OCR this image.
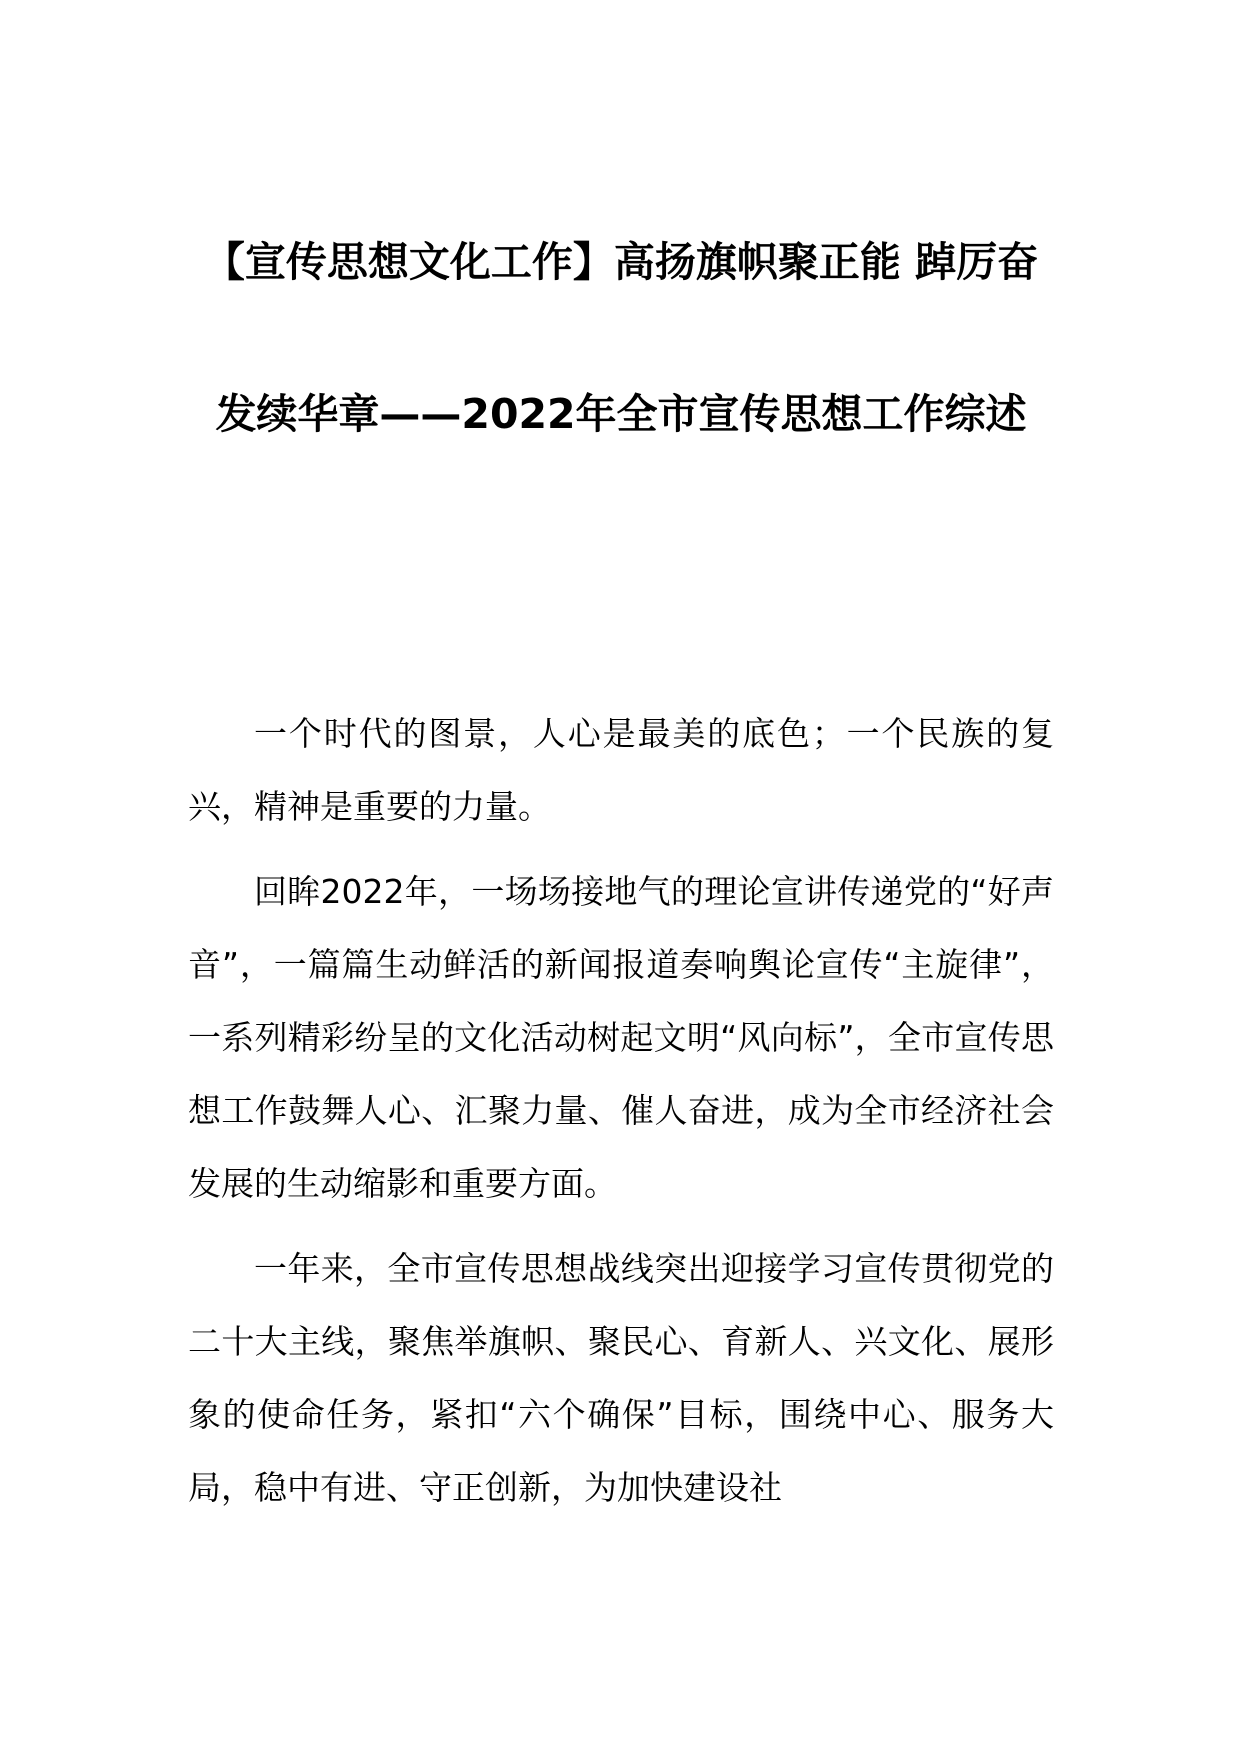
【宣传思想文化工作】高扬旗帜聚正能 踔厉奋发续华章——2022年全市宣传思想工作综述

一个时代的图景，人心是最美的底色；一个民族的复兴，精神是重要的力量。

回眸2022年，一场场接地气的理论宣讲传递党的“好声音”，一篇篇生动鲜活的新闻报道奏响舆论宣传“主旋律”，一系列精彩纷呈的文化活动树起文明“风向标”，全市宣传思想工作鼓舞人心、汇聚力量、催人奋进，成为全市经济社会发展的生动缩影和重要方面。

一年来，全市宣传思想战线突出迎接学习宣传贯彻党的二十大主线，聚焦举旗帜、聚民心、育新人、兴文化、展形象的使命任务，紧扣“六个确保”目标，围绕中心、服务大局，稳中有进、守正创新，为加快建设社
